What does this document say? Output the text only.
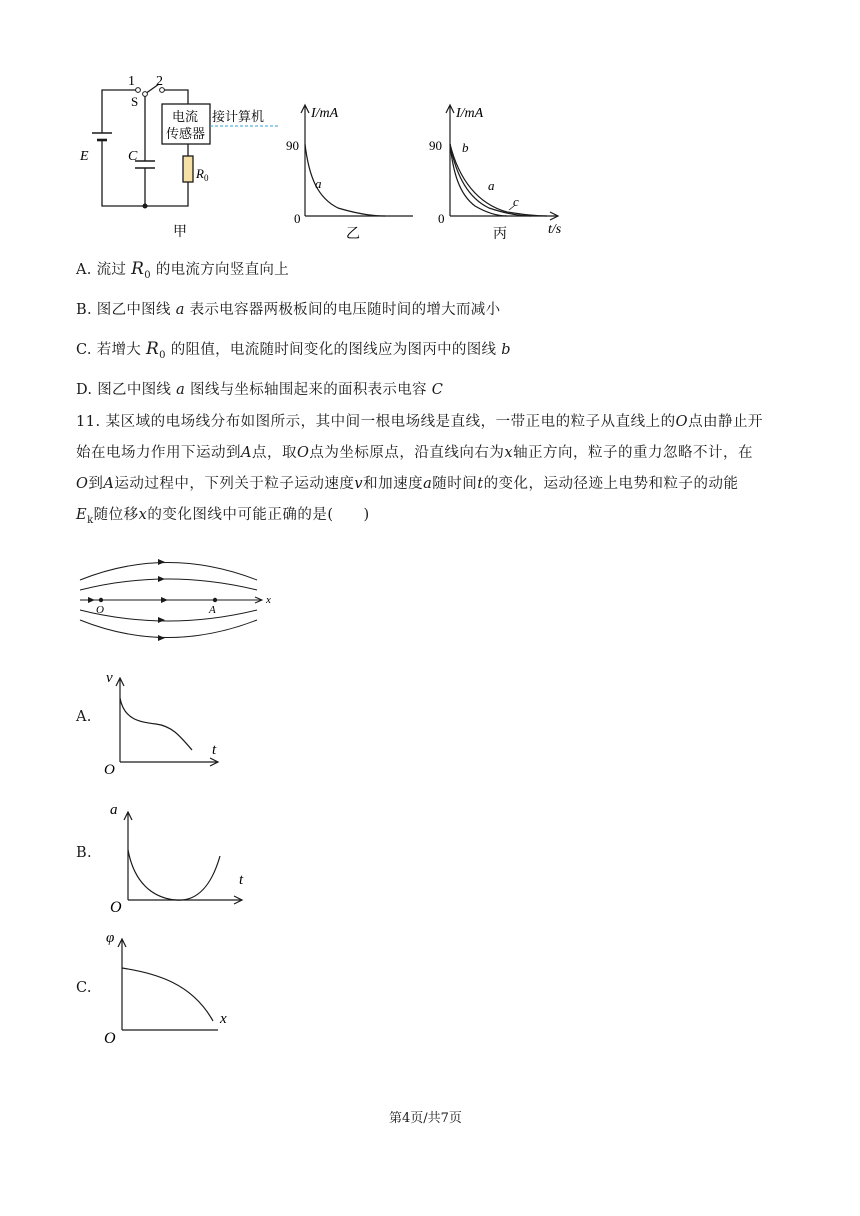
1 2
S
电流
传感器
接计算机
E	C
$R_0$
甲
I/mA
90
0
a
乙
I/mA
90
0
b
a
c
t/s
丙
A. 流过 $R_0$ 的电流方向竖直向上
B. 图乙中图线 a 表示电容器两极板间的电压随时间的增大而减小
C. 若增大 $R_0$ 的阻值，电流随时间变化的图线应为图丙中的图线 b
D. 图乙中图线 a 图线与坐标轴围起来的面积表示电容 C
11. 某区域的电场线分布如图所示，其中间一根电场线是直线，一带正电的粒子从直线上的O点由静止开
始在电场力作用下运动到A点，取O点为坐标原点，沿直线向右为x轴正方向，粒子的重力忽略不计，在
O到A运动过程中，下列关于粒子运动速度v和加速度a随时间t的变化，运动径迹上电势和粒子的动能
$E_k$随位移x的变化图线中可能正确的是(　　)
O	A
x
A.
v
t
O
B.
a
t
O
C.
φ
x
O
第4页/共7页
